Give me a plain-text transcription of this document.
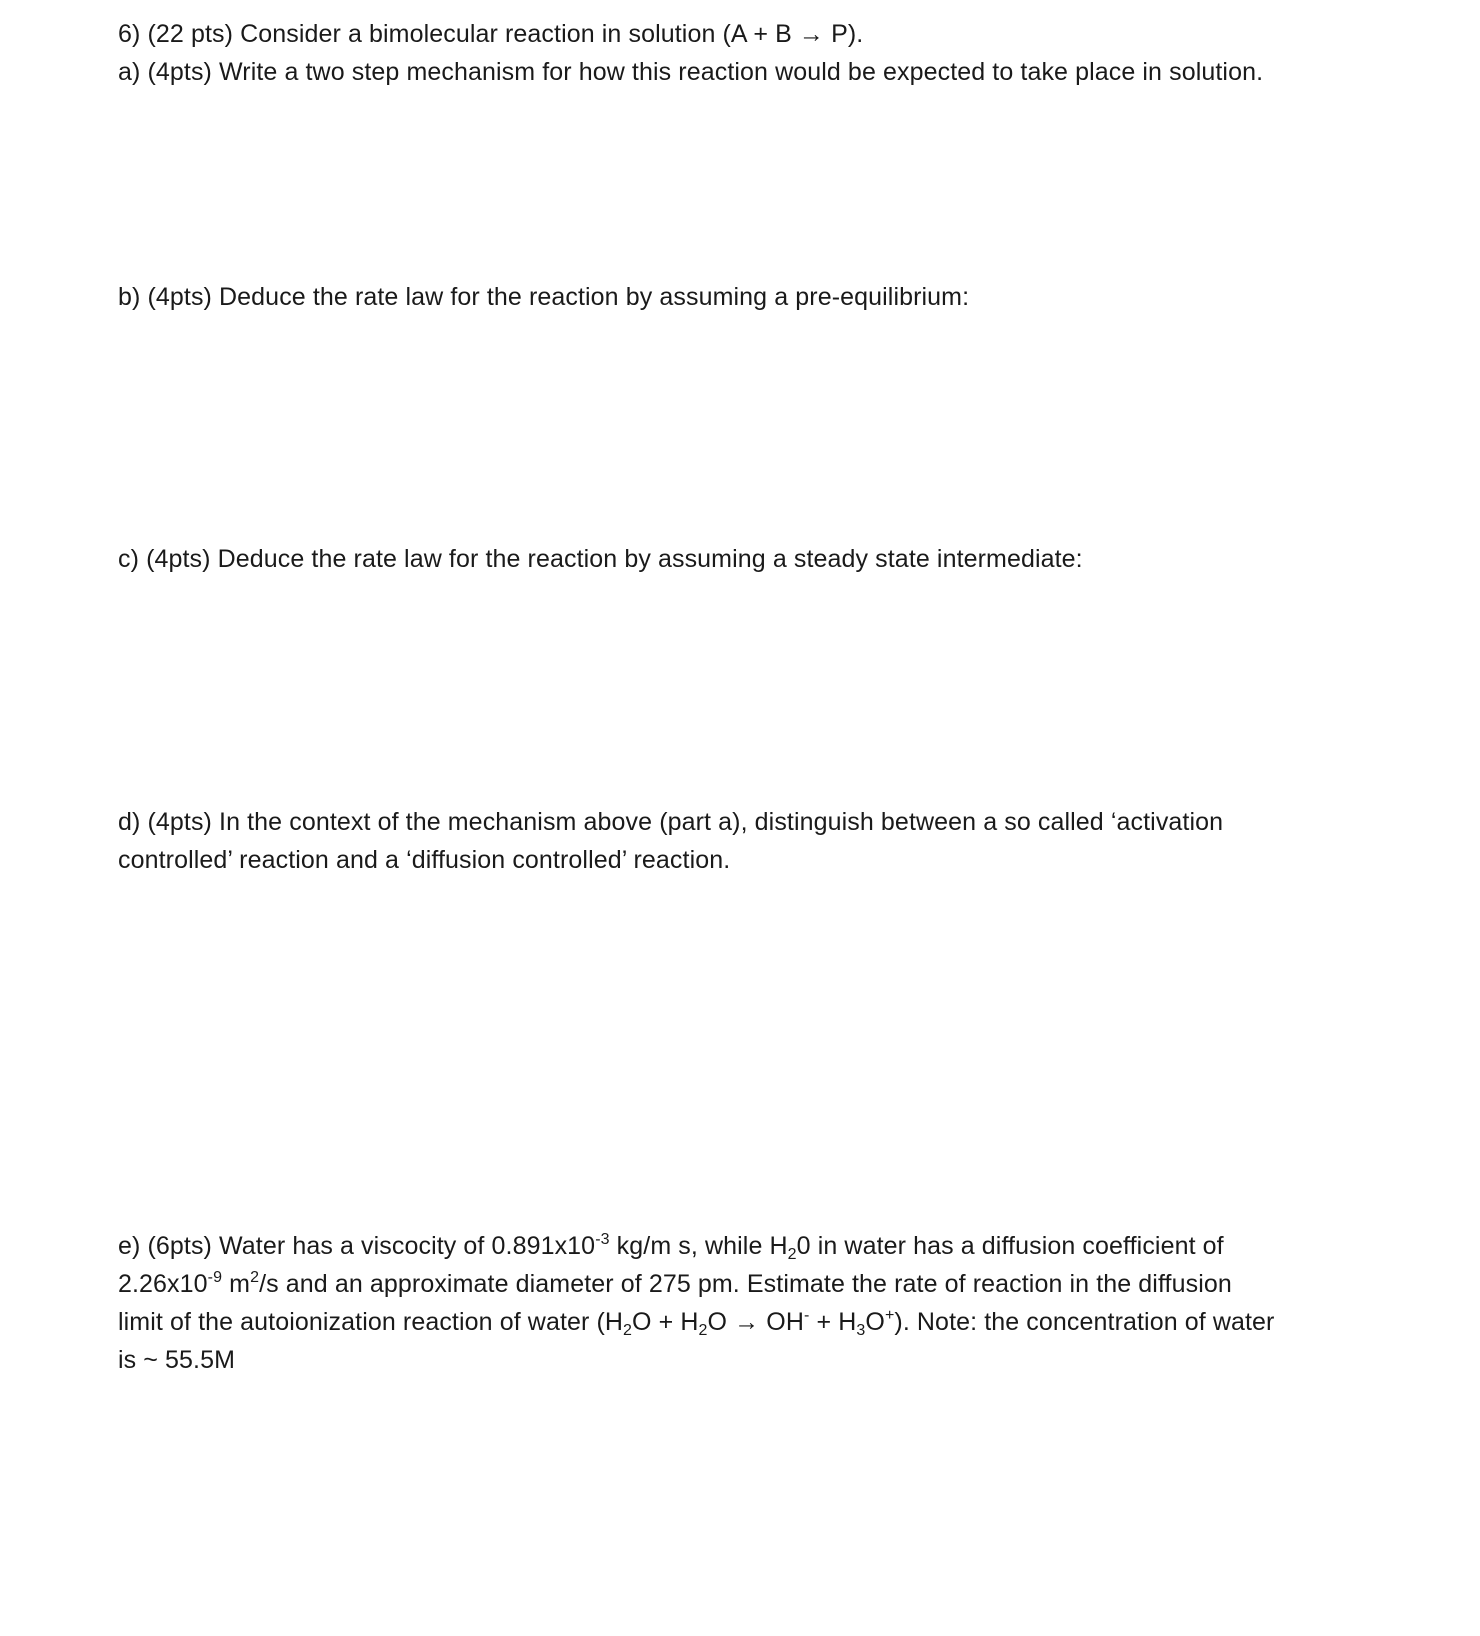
6) (22 pts) Consider a bimolecular reaction in solution (A + B → P).
a) (4pts) Write a two step mechanism for how this reaction would be expected to take place in solution.
b) (4pts) Deduce the rate law for the reaction by assuming a pre-equilibrium:
c) (4pts) Deduce the rate law for the reaction by assuming a steady state intermediate:
d) (4pts) In the context of the mechanism above (part a), distinguish between a so called ‘activation
controlled’ reaction and a ‘diffusion controlled’ reaction.
e) (6pts) Water has a viscocity of $0.891x10^{-3}$ kg/m s, while $H_20$ in water has a diffusion coefficient of
$2.26x10^{-9}$ $m^2/s$ and an approximate diameter of 275 pm. Estimate the rate of reaction in the diffusion
limit of the autoionization reaction of water $(H_2O + H_2O \to OH^- + H_3O^+)$. Note: the concentration of water
is ~ 55.5M
